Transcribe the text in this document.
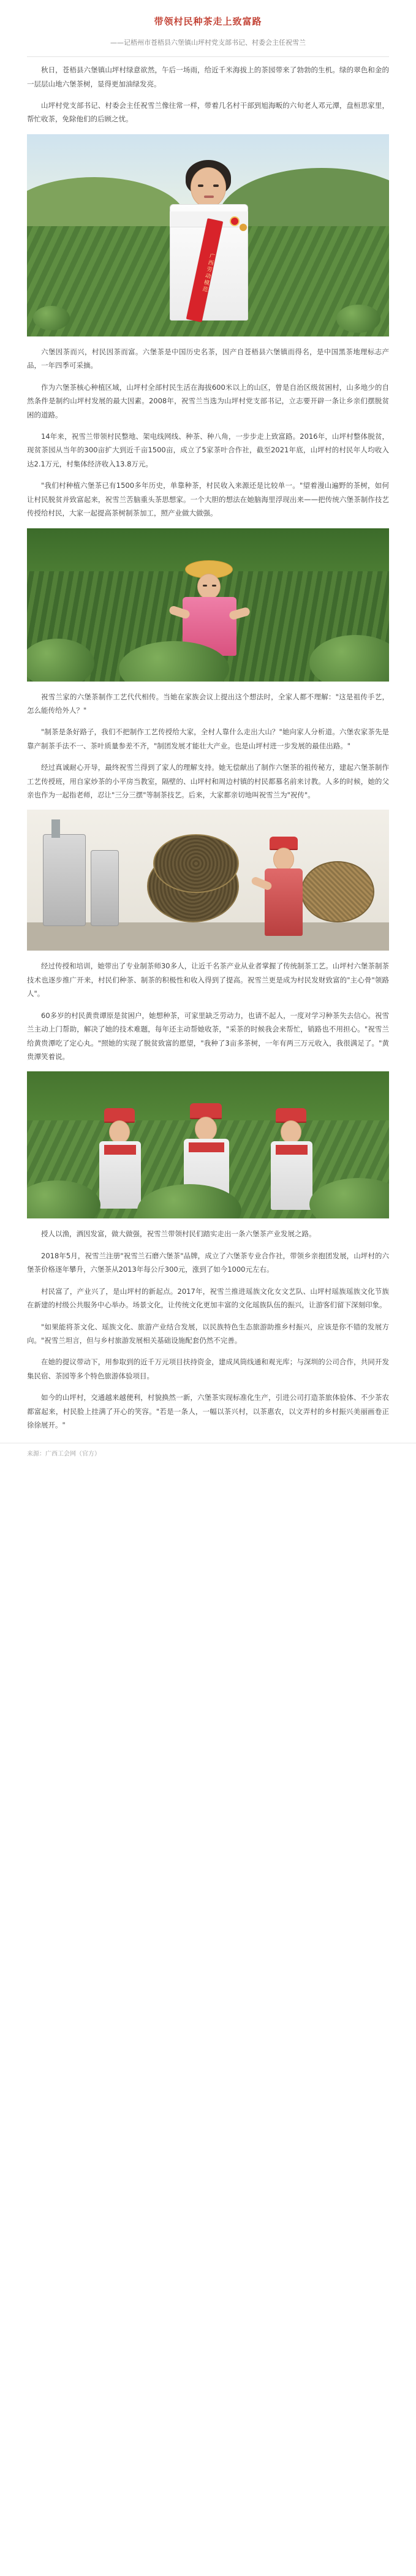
带领村民种茶走上致富路
——记梧州市苍梧县六堡镇山坪村党支部书记、村委会主任祝雪兰

秋日，苍梧县六堡镇山坪村绿意欲然，午后一场雨，给近千米海拔上的茶园带来了勃勃的生机。绿的翠色和金的一层层山地六堡茶树，显得更加油绿发亮。

山坪村党支部书记、村委会主任祝雪兰像往常一样，带着几名村干部到旭海畈的六旬老人邓元潭，盘桓思家里，帮忙收茶，免除他们的后顾之忧。

广西劳动模范

六堡因茶而兴，村民因茶而富。六堡茶是中国历史名茶，因产自苍梧县六堡镇而得名，是中国黑茶地理标志产品，一年四季可采摘。

作为六堡茶核心种植区域，山坪村全部村民生活在海拔600米以上的山区，曾是自治区级贫困村，山多地少的自然条件是制约山坪村发展的最大因素。2008年，祝雪兰当选为山坪村党支部书记，立志要开辟一条让乡亲们摆脱贫困的道路。

14年来，祝雪兰带领村民整地、架电线网线、种茶、种八角，一步步走上致富路。2016年，山坪村整体脱贫，现贫茶园从当年的300亩扩大到近千亩1500亩，成立了5家茶叶合作社，截至2021年底，山坪村的村民年人均收入达2.1万元，村集体经济收入13.8万元。

"我们村种植六堡茶已有1500多年历史，单靠种茶，村民收入来源还是比较单一。"望着漫山遍野的茶树，如何让村民脱贫并致富起来，祝雪兰苦脑重头茶思想家。一个大胆的想法在她脑海里浮现出来——把传统六堡茶制作技艺传授给村民，大家一起提高茶树制茶加工，照产业做大做强。

祝雪兰家的六堡茶制作工艺代代相传。当她在家族会议上提出这个想法时，全家人都不理解："这是祖传手艺，怎么能传给外人？"

"制茶是条好路子，我们不把制作工艺传授给大家，全村人靠什么走出大山？"她向家人分析道。六堡农家茶先是靠产制茶手法不一、茶叶质量参差不齐，"制团发展才能壮大产业。也是山坪村进一步发展的最佳出路。"

经过真诚耐心开导，最终祝雪兰得到了家人的理解支持。她无偿献出了制作六堡茶的祖传秘方，建起六堡茶制作工艺传授班，用自家炒茶的小平房当教室，隔壁的、山坪村和周边村镇的村民都慕名前来讨教。人多的时候，她的父亲也作为一起指老师，忍让"三分三摆"等制茶技艺。后来，大家都亲切地叫祝雪兰为"祝传"。

经过传授和培训，她带出了专业制茶师30多人，让近千名茶产业从业者掌握了传统制茶工艺。山坪村六堡茶制茶技术也逐步推广开来，村民们种茶、制茶的积极性和收入得到了提高。祝雪兰更是成为村民发财致富的"主心骨"领路人"。

60多岁的村民黄贵谭原是贫困户，她想种茶，可家里缺乏劳动力，也请不起人，一度对学习种茶失去信心。祝雪兰主动上门帮助，解决了她的技术难题，每年还主动帮她收茶，"采茶的时候我会来帮忙，销路也不用担心。"祝雪兰给黄贵潭吃了定心丸。"照她的实现了脱贫致富的愿望，"我种了3亩多茶树，一年有两三万元收入，我很满足了。"黄贵潭笑着说。

授人以渔，酒因发富，做大做强，祝雪兰带领村民们踏实走出一条六堡茶产业发展之路。

2018年5月，祝雪兰注册"祝雪兰石磨六堡茶"品牌，成立了六堡茶专业合作社，带领乡亲抱团发展，山坪村的六堡茶价格逐年攀升，六堡茶从2013年每公斤300元，涨到了如今1000元左右。

村民富了，产业兴了，是山坪村的新起点。2017年，祝雪兰推进瑶族文化女文艺队、山坪村瑶族瑶族文化节族在新建的村级公共服务中心举办。场景文化，让传统文化更加丰富的文化瑶族队伍的振兴，让游客们留下深刻印象。

"如果能将茶文化、瑶族文化、旅游产业结合发展，以民族特色生态旅游助推乡村振兴，应该是你不错的发展方向。"祝雪兰坦言，但与乡村旅游发展相关基础设施配套仍然不完善。

在她的提议带动下，用参取到的近千万元项目扶持资金，建成风筒线通和观光库；与深圳的公司合作，共同开发集民宿、茶园等多个特色旅游体验项目。

如今的山坪村，交通越来越便利，村貌换然一新，六堡茶实现标准化生产，引进公司打造茶旅体验体、不少茶农都富起来，村民脸上挂满了开心的笑容。"若是一条人，一幅以茶兴村，以茶惠农，以文弄村的乡村振兴美丽画卷正徐徐展开。"

来源：广西工会网（官方）
